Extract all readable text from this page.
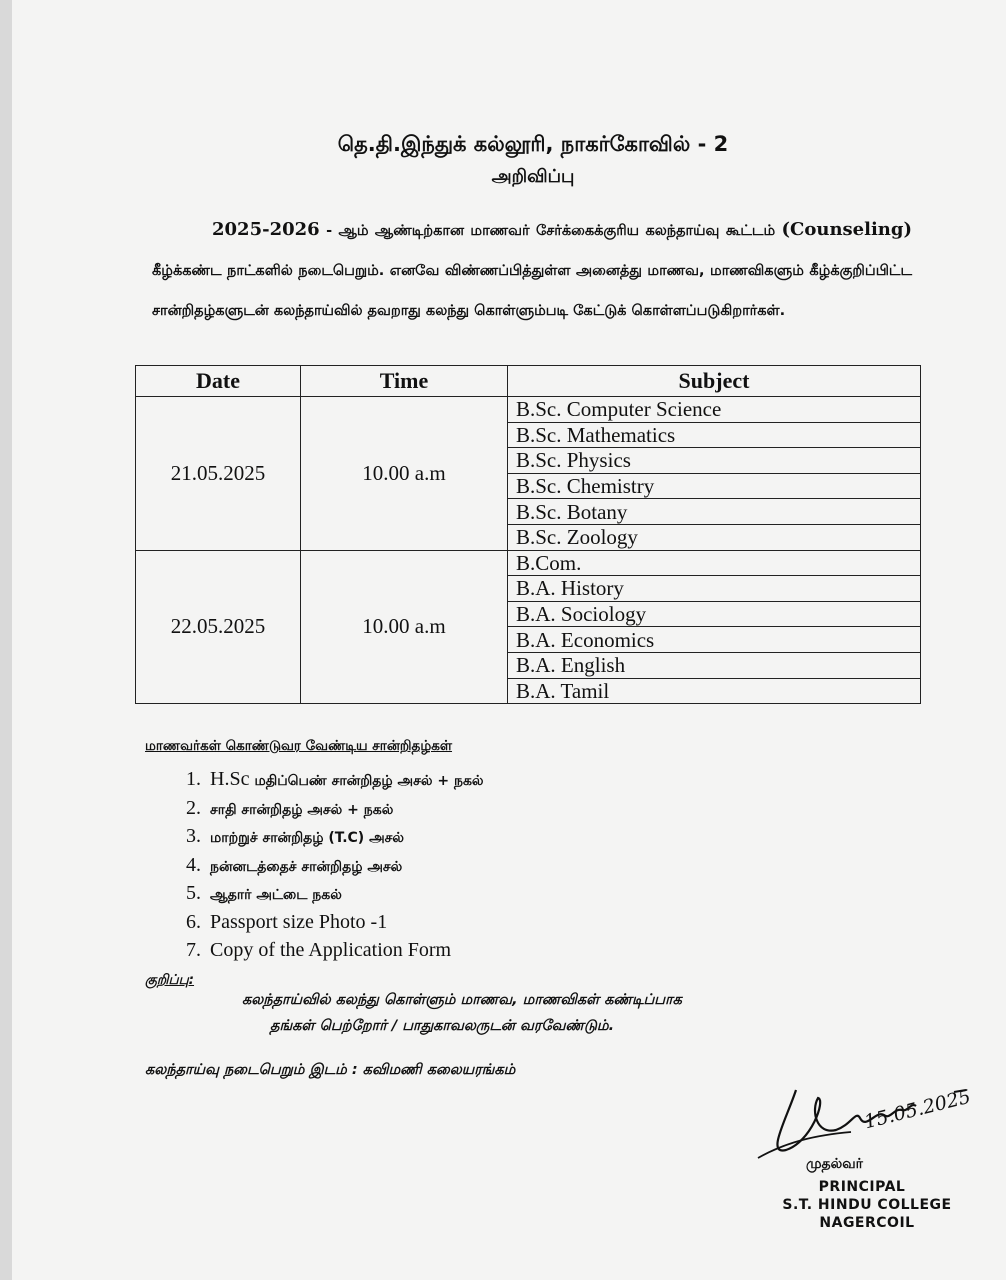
தெ.தி.இந்துக் கல்லூரி, நாகர்கோவில் - 2
அறிவிப்பு
2025-2026 - ஆம் ஆண்டிற்கான மாணவர் சேர்க்கைக்குரிய கலந்தாய்வு கூட்டம் (Counseling) கீழ்க்கண்ட நாட்களில் நடைபெறும். எனவே விண்ணப்பித்துள்ள அனைத்து மாணவ, மாணவிகளும் கீழ்க்குறிப்பிட்ட சான்றிதழ்களுடன் கலந்தாய்வில் தவறாது கலந்து கொள்ளும்படி கேட்டுக் கொள்ளப்படுகிறார்கள்.
Date	Time	Subject
21.05.2025	10.00 a.m	B.Sc. Computer Science
		B.Sc. Mathematics
		B.Sc. Physics
		B.Sc. Chemistry
		B.Sc. Botany
		B.Sc. Zoology
22.05.2025	10.00 a.m	B.Com.
		B.A. History
		B.A. Sociology
		B.A. Economics
		B.A. English
		B.A. Tamil
மாணவர்கள் கொண்டுவர வேண்டிய சான்றிதழ்கள்
1. H.Sc மதிப்பெண் சான்றிதழ் அசல் + நகல்
2. சாதி சான்றிதழ் அசல் + நகல்
3. மாற்றுச் சான்றிதழ் (T.C) அசல்
4. நன்னடத்தைச் சான்றிதழ் அசல்
5. ஆதார் அட்டை நகல்
6. Passport size Photo -1
7. Copy of the Application Form
குறிப்பு:
கலந்தாய்வில் கலந்து கொள்ளும் மாணவ, மாணவிகள் கண்டிப்பாக
தங்கள் பெற்றோர் / பாதுகாவலருடன் வரவேண்டும்.
கலந்தாய்வு நடைபெறும் இடம் : கவிமணி கலையரங்கம்
15.05.2025
முதல்வர்
PRINCIPAL
S.T. HINDU COLLEGE
NAGERCOIL
